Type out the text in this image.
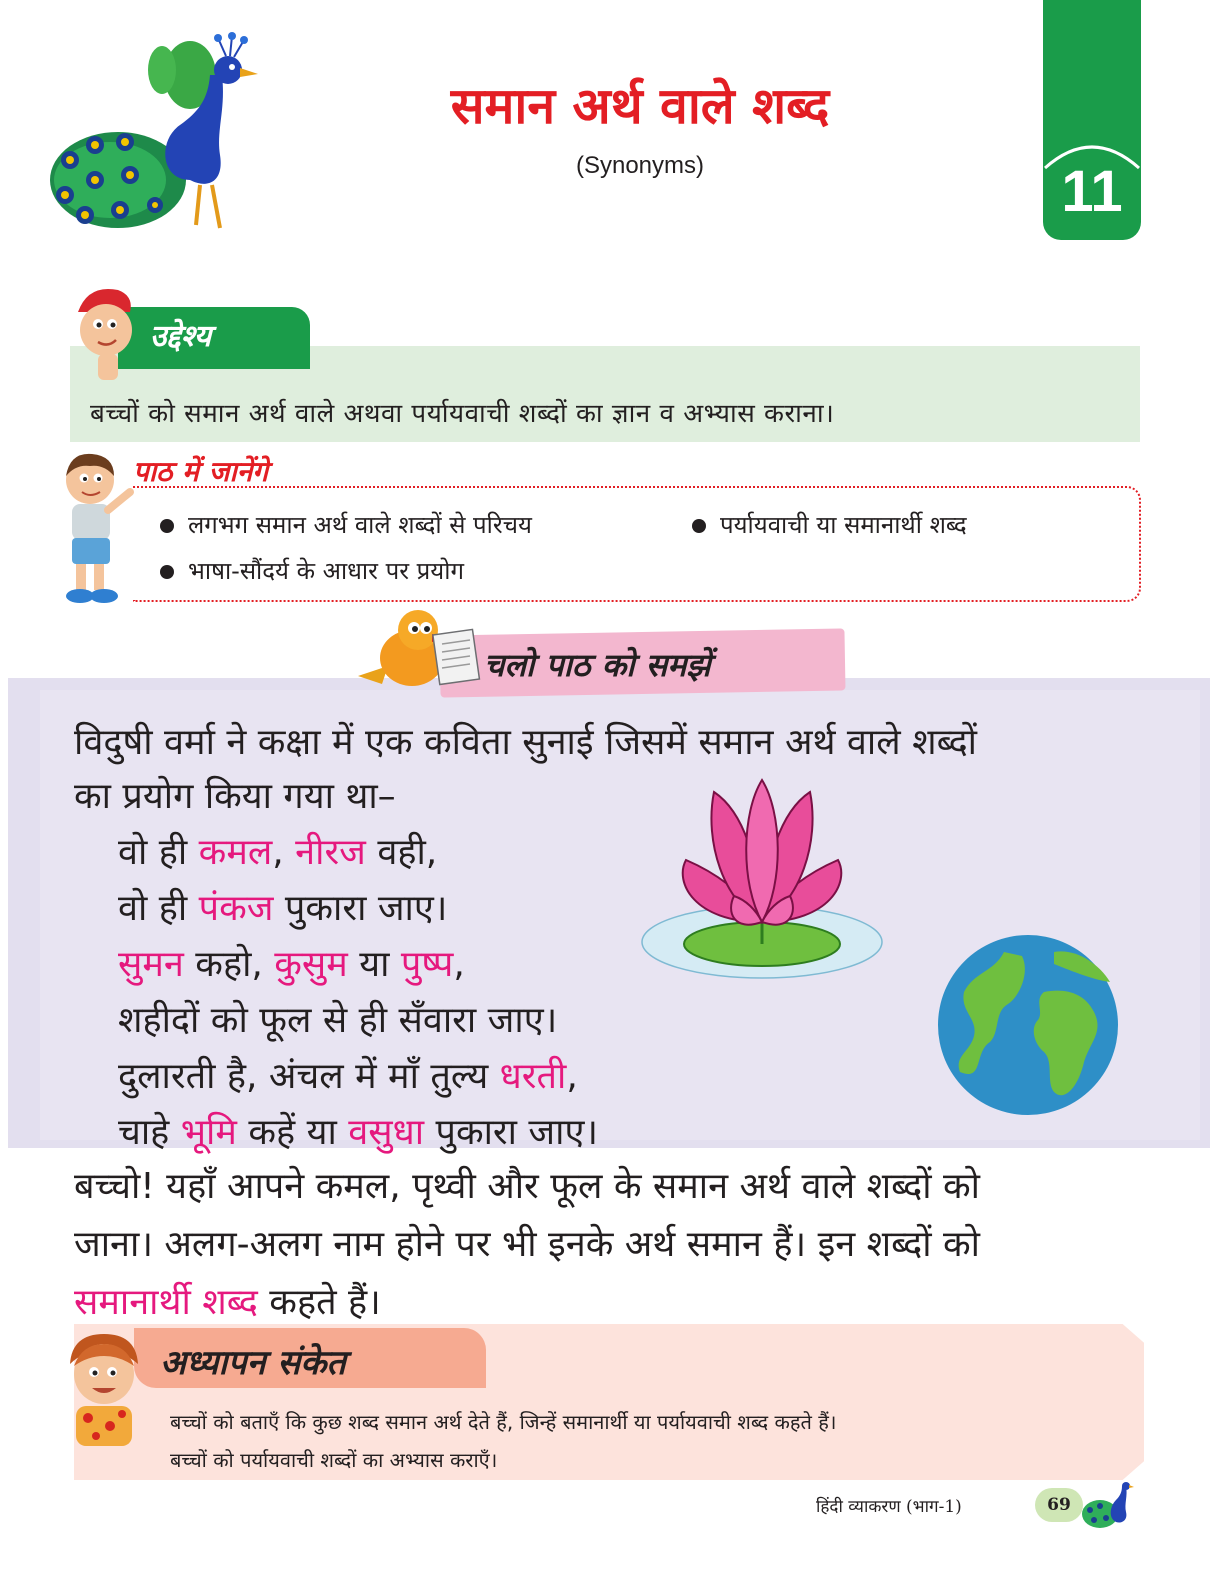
समान अर्थ वाले शब्द
(Synonyms)	11
उद्देश्य
बच्चों को समान अर्थ वाले अथवा पर्यायवाची शब्दों का ज्ञान व अभ्यास कराना।
पाठ में जानेंगे
लगभग समान अर्थ वाले शब्दों से परिचय	पर्यायवाची या समानार्थी शब्द
भाषा-सौंदर्य के आधार पर प्रयोग
चलो पाठ को समझें
विदुषी वर्मा ने कक्षा में एक कविता सुनाई जिसमें समान अर्थ वाले शब्दों
का प्रयोग किया गया था–
वो ही कमल, नीरज वही,
वो ही पंकज पुकारा जाए।
सुमन कहो, कुसुम या पुष्प,
शहीदों को फूल से ही सँवारा जाए।
दुलारती है, अंचल में माँ तुल्य धरती,
चाहे भूमि कहें या वसुधा पुकारा जाए।
बच्चो! यहाँ आपने कमल, पृथ्वी और फूल के समान अर्थ वाले शब्दों को
जाना। अलग-अलग नाम होने पर भी इनके अर्थ समान हैं। इन शब्दों को
समानार्थी शब्द कहते हैं।
अध्यापन संकेत
बच्चों को बताएँ कि कुछ शब्द समान अर्थ देते हैं, जिन्हें समानार्थी या पर्यायवाची शब्द कहते हैं।
बच्चों को पर्यायवाची शब्दों का अभ्यास कराएँ।
हिंदी व्याकरण (भाग-1)	69
